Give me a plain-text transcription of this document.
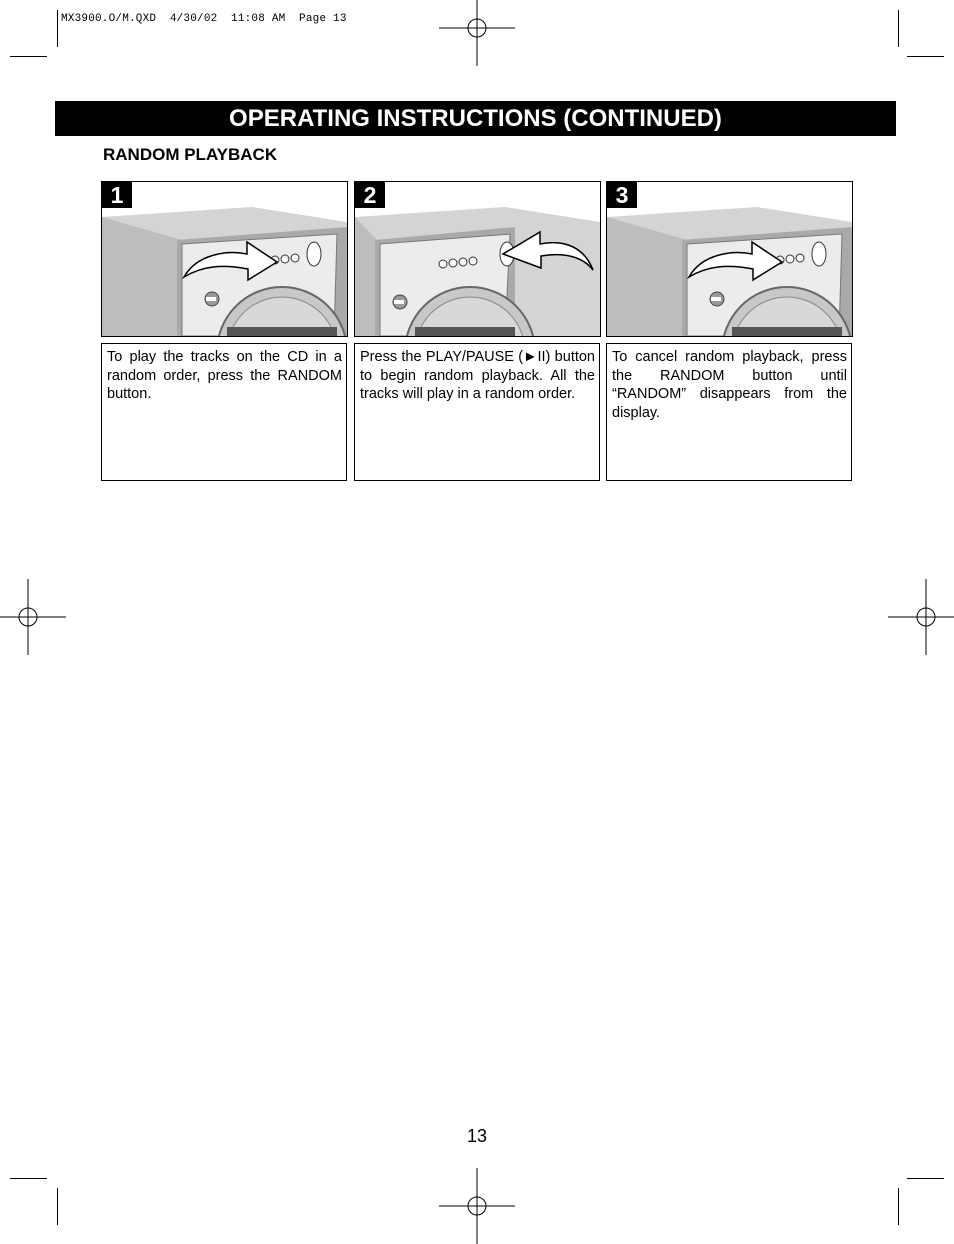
MX3900.O/M.QXD  4/30/02  11:08 AM  Page 13
OPERATING INSTRUCTIONS (CONTINUED)
RANDOM PLAYBACK
1	2	3
To play the tracks on the CD in a random order, press the RANDOM button.
Press the PLAY/PAUSE (►II) button to begin random playback. All the tracks will play in a random order.
To cancel random playback, press the RANDOM button until “RANDOM” disappears from the display.
13
